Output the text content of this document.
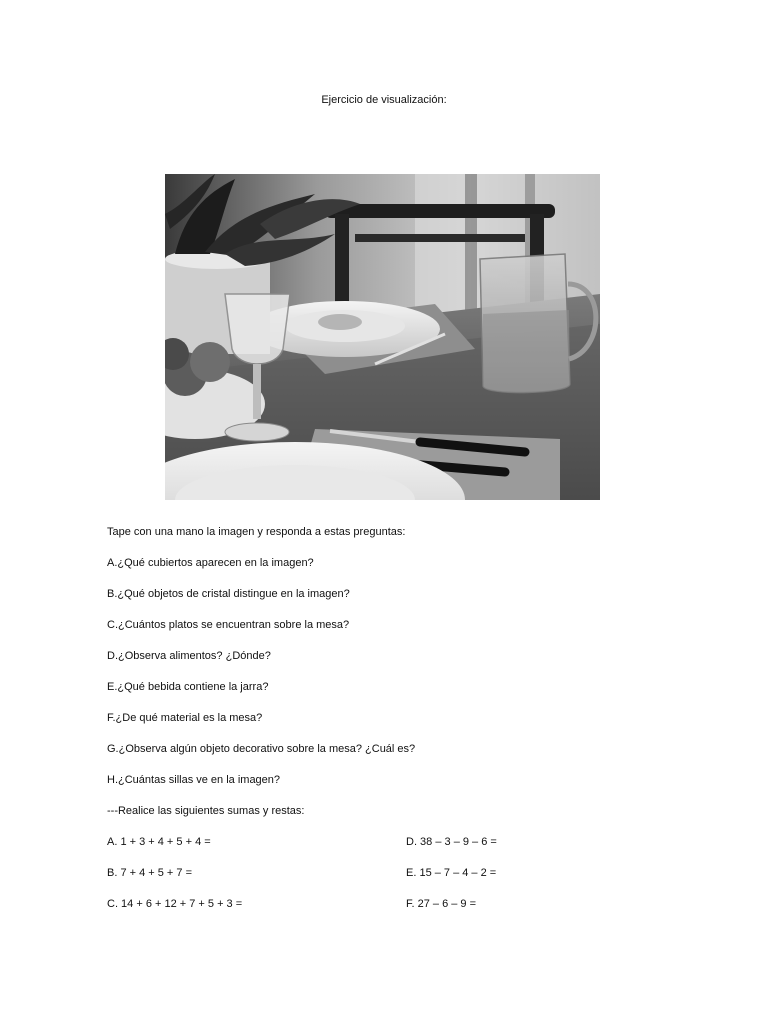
Ejercicio de visualización:
Tape con una mano la imagen y responda a estas preguntas:
A.¿Qué cubiertos aparecen en la imagen?
B.¿Qué objetos de cristal distingue en la imagen?
C.¿Cuántos platos se encuentran sobre la mesa?
D.¿Observa alimentos? ¿Dónde?
E.¿Qué bebida contiene la jarra?
F.¿De qué material es la mesa?
G.¿Observa algún objeto decorativo sobre la mesa? ¿Cuál es?
H.¿Cuántas sillas ve en la imagen?
---Realice las siguientes sumas y restas:
A. 1 + 3 + 4 + 5 + 4 =
B. 7 + 4 + 5 + 7 =
C. 14 + 6 + 12 + 7 + 5 + 3 =
D. 38 – 3 – 9 – 6 =
E. 15 – 7 – 4 – 2 =
F. 27 – 6 – 9 =
